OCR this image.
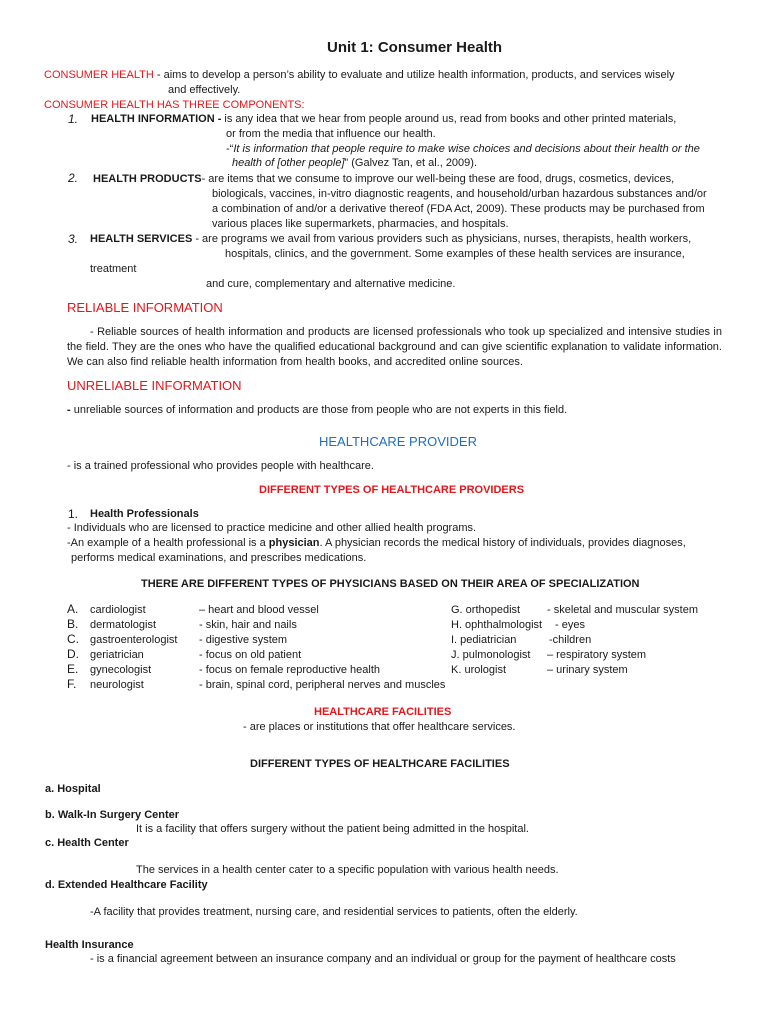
Unit 1: Consumer Health
CONSUMER HEALTH - aims to develop a person’s ability to evaluate and utilize health information, products, and services wisely
and effectively.
CONSUMER HEALTH HAS THREE COMPONENTS:
1. HEALTH INFORMATION - is any idea that we hear from people around us, read from books and other printed materials,
or from the media that influence our health.
-“It is information that people require to make wise choices and decisions about their health or the
health of [other people]” (Galvez Tan, et al., 2009).
2. HEALTH PRODUCTS- are items that we consume to improve our well-being these are food, drugs, cosmetics, devices,
biologicals, vaccines, in-vitro diagnostic reagents, and household/urban hazardous substances and/or
a combination of and/or a derivative thereof (FDA Act, 2009). These products may be purchased from
various places like supermarkets, pharmacies, and hospitals.
3. HEALTH SERVICES - are programs we avail from various providers such as physicians, nurses, therapists, health workers,
hospitals, clinics, and the government. Some examples of these health services are insurance,
treatment
and cure, complementary and alternative medicine.
RELIABLE INFORMATION
- Reliable sources of health information and products are licensed professionals who took up specialized and intensive studies in the field. They are the ones who have the qualified educational background and can give scientific explanation to validate information. We can also find reliable health information from health books, and accredited online sources.
UNRELIABLE INFORMATION
- unreliable sources of information and products are those from people who are not experts in this field.
HEALTHCARE PROVIDER
- is a trained professional who provides people with healthcare.
DIFFERENT TYPES OF HEALTHCARE PROVIDERS
1. Health Professionals
- Individuals who are licensed to practice medicine and other allied health programs.
-An example of a health professional is a physician. A physician records the medical history of individuals, provides diagnoses,
performs medical examinations, and prescribes medications.
THERE ARE DIFFERENT TYPES OF PHYSICIANS BASED ON THEIR AREA OF SPECIALIZATION
A. cardiologist	– heart and blood vessel
B. dermatologist	- skin, hair and nails
C. gastroenterologist - digestive system
D. geriatrician	- focus on old patient
E. gynecologist	- focus on female reproductive health
F. neurologist	- brain, spinal cord, peripheral nerves and muscles
G. orthopedist - skeletal and muscular system
H. ophthalmologist - eyes
I. pediatrician	-children
J. pulmonologist – respiratory system
K. urologist	– urinary system
HEALTHCARE FACILITIES
- are places or institutions that offer healthcare services.
DIFFERENT TYPES OF HEALTHCARE FACILITIES
a. Hospital
b. Walk-In Surgery Center
It is a facility that offers surgery without the patient being admitted in the hospital.
c. Health Center
The services in a health center cater to a specific population with various health needs.
d. Extended Healthcare Facility
-A facility that provides treatment, nursing care, and residential services to patients, often the elderly.
Health Insurance
- is a financial agreement between an insurance company and an individual or group for the payment of healthcare costs
